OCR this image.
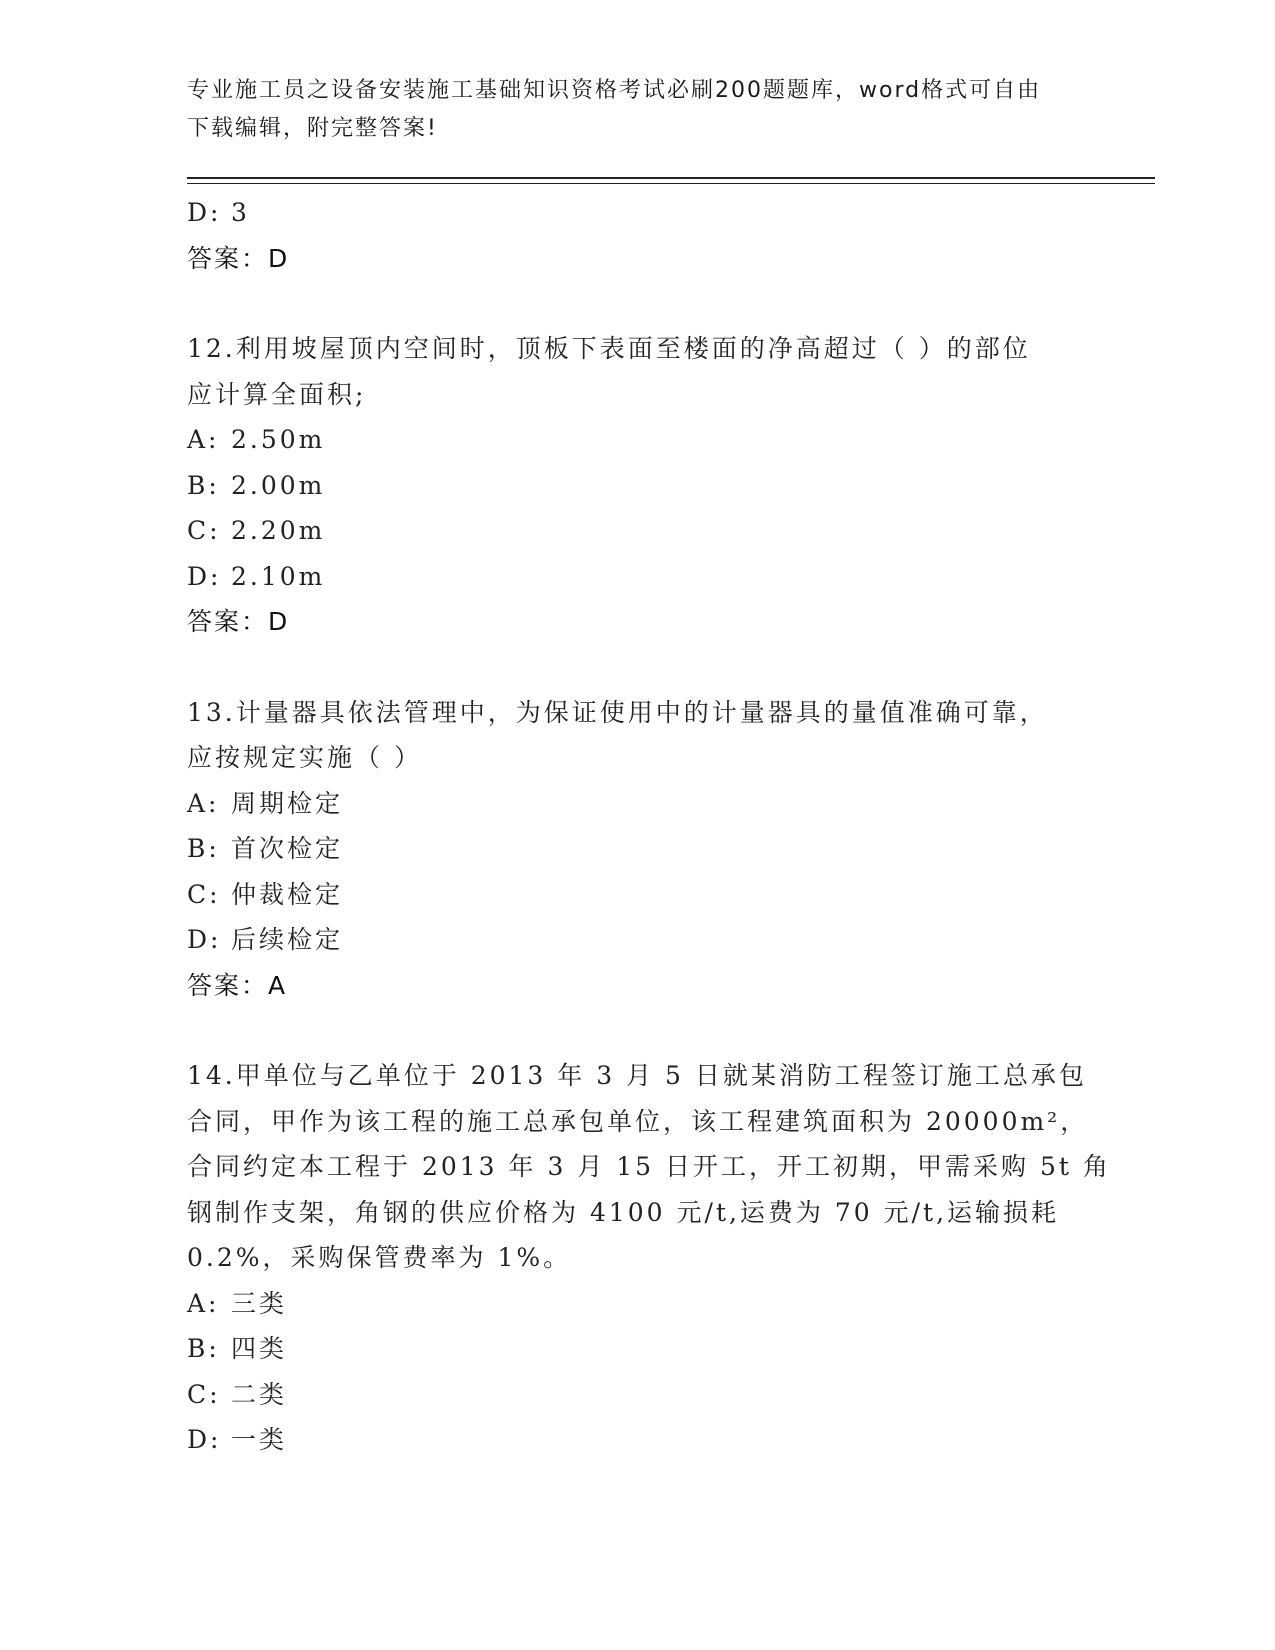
专业施工员之设备安装施工基础知识资格考试必刷200题题库，word格式可自由
下载编辑，附完整答案!
D: 3
答案：D
12.利用坡屋顶内空间时，顶板下表面至楼面的净高超过（ ）的部位
应计算全面积;
A: 2.50m
B: 2.00m
C: 2.20m
D: 2.10m
答案：D
13.计量器具依法管理中，为保证使用中的计量器具的量值准确可靠，
应按规定实施（ ）
A: 周期检定
B: 首次检定
C: 仲裁检定
D: 后续检定
答案：A
14.甲单位与乙单位于 2013 年 3 月 5 日就某消防工程签订施工总承包
合同，甲作为该工程的施工总承包单位，该工程建筑面积为 20000m²，
合同约定本工程于 2013 年 3 月 15 日开工，开工初期，甲需采购 5t 角
钢制作支架，角钢的供应价格为 4100 元/t,运费为 70 元/t,运输损耗
0.2%，采购保管费率为 1%。
A: 三类
B: 四类
C: 二类
D: 一类
